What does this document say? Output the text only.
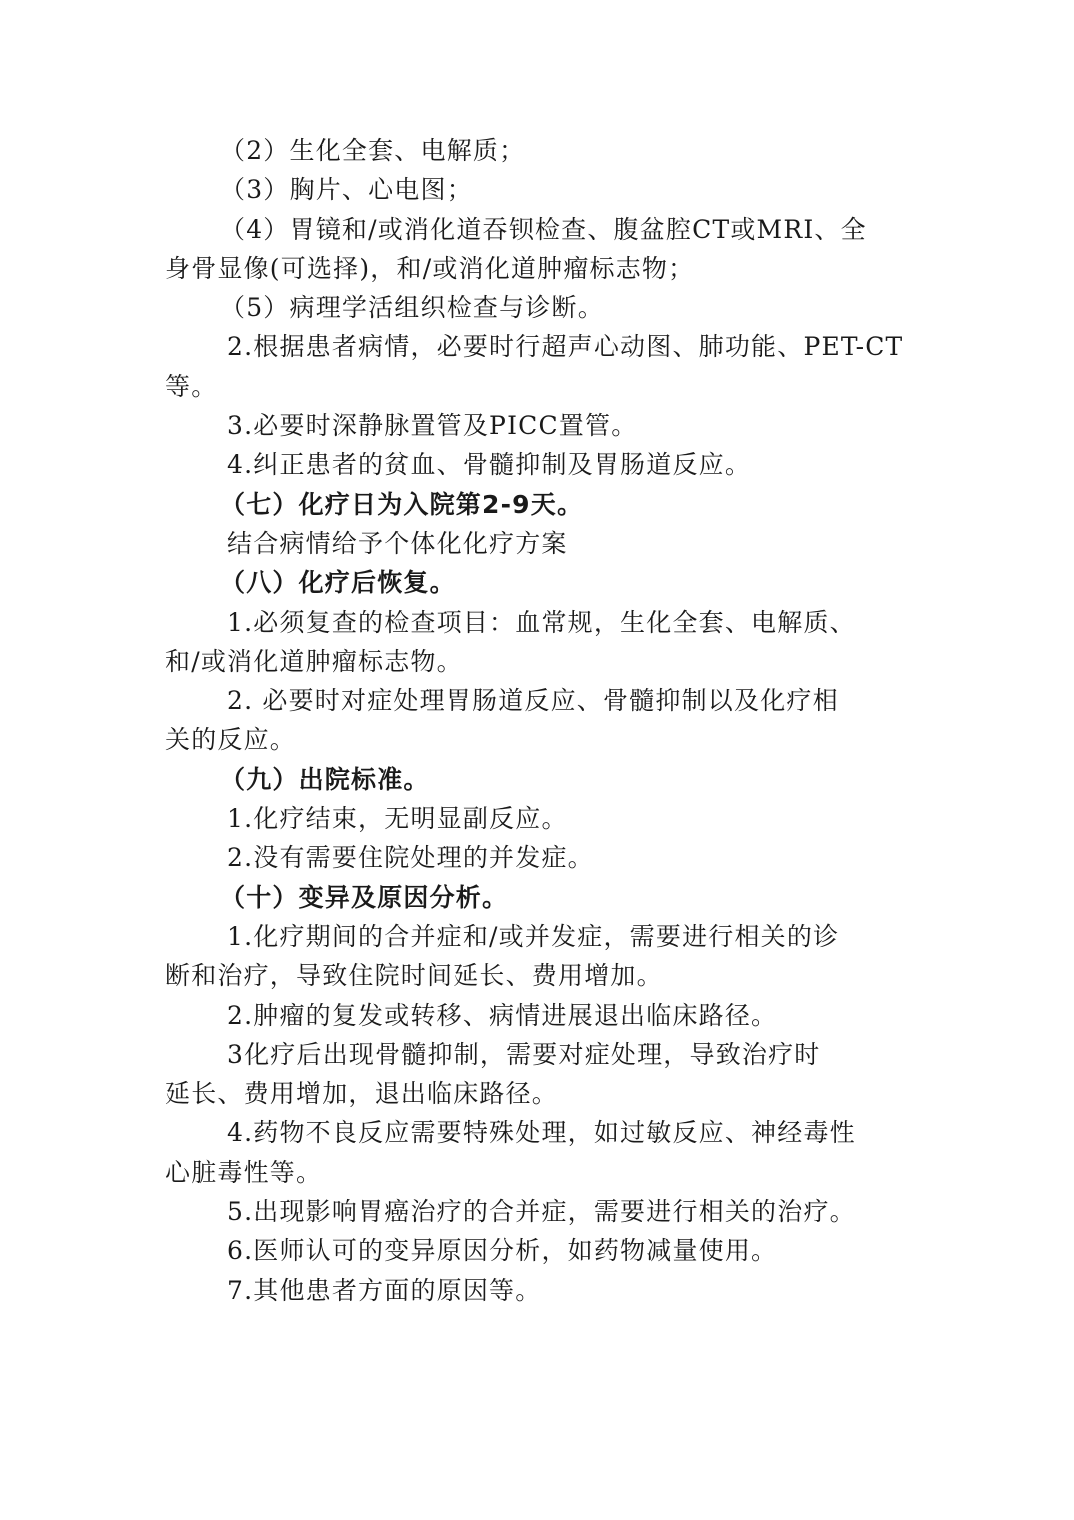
（2）生化全套、电解质；
（3）胸片、心电图；
（4）胃镜和/或消化道吞钡检查、腹盆腔CT或MRI、全
身骨显像(可选择)，和/或消化道肿瘤标志物；
（5）病理学活组织检查与诊断。
2.根据患者病情，必要时行超声心动图、肺功能、PET-CT
等。
3.必要时深静脉置管及PICC置管。
4.纠正患者的贫血、骨髓抑制及胃肠道反应。
（七）化疗日为入院第2-9天。
结合病情给予个体化化疗方案
（八）化疗后恢复。
1.必须复查的检查项目：血常规，生化全套、电解质、
和/或消化道肿瘤标志物。
2. 必要时对症处理胃肠道反应、骨髓抑制以及化疗相
关的反应。
（九）出院标准。
1.化疗结束，无明显副反应。
2.没有需要住院处理的并发症。
（十）变异及原因分析。
1.化疗期间的合并症和/或并发症，需要进行相关的诊
断和治疗，导致住院时间延长、费用增加。
2.肿瘤的复发或转移、病情进展退出临床路径。
3化疗后出现骨髓抑制，需要对症处理，导致治疗时
延长、费用增加，退出临床路径。
4.药物不良反应需要特殊处理，如过敏反应、神经毒性
心脏毒性等。
5.出现影响胃癌治疗的合并症，需要进行相关的治疗。
6.医师认可的变异原因分析，如药物减量使用。
7.其他患者方面的原因等。
